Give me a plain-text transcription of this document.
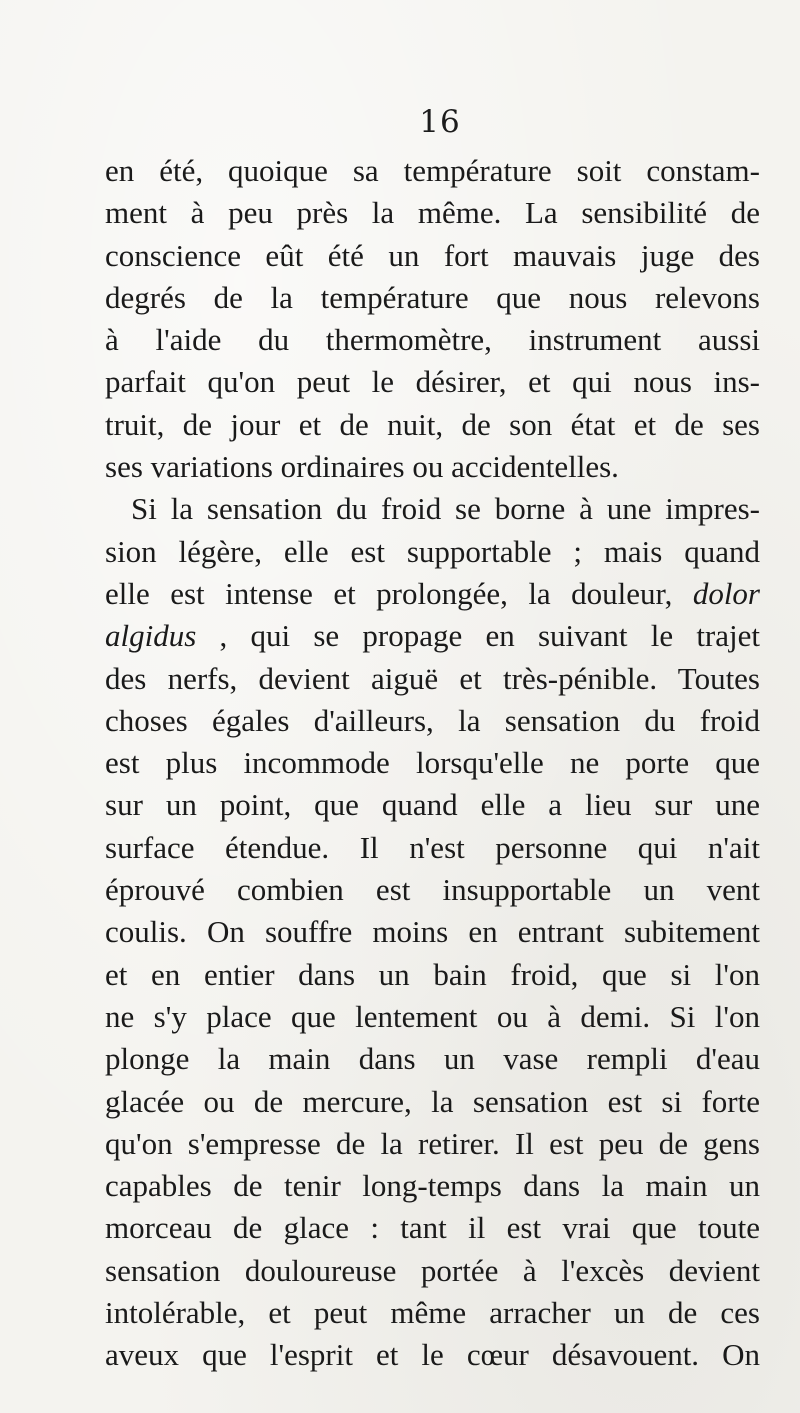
16
en été, quoique sa température soit constam-
ment à peu près la même. La sensibilité de
conscience eût été un fort mauvais juge des
degrés de la température que nous relevons
à l'aide du thermomètre, instrument aussi
parfait qu'on peut le désirer, et qui nous ins-
truit, de jour et de nuit, de son état et de ses
ses variations ordinaires ou accidentelles.
Si la sensation du froid se borne à une impres-
sion légère, elle est supportable ; mais quand
elle est intense et prolongée, la douleur, dolor
algidus , qui se propage en suivant le trajet
des nerfs, devient aiguë et très-pénible. Toutes
choses égales d'ailleurs, la sensation du froid
est plus incommode lorsqu'elle ne porte que
sur un point, que quand elle a lieu sur une
surface étendue. Il n'est personne qui n'ait
éprouvé combien est insupportable un vent
coulis. On souffre moins en entrant subitement
et en entier dans un bain froid, que si l'on
ne s'y place que lentement ou à demi. Si l'on
plonge la main dans un vase rempli d'eau
glacée ou de mercure, la sensation est si forte
qu'on s'empresse de la retirer. Il est peu de gens
capables de tenir long-temps dans la main un
morceau de glace : tant il est vrai que toute
sensation douloureuse portée à l'excès devient
intolérable, et peut même arracher un de ces
aveux que l'esprit et le cœur désavouent. On
